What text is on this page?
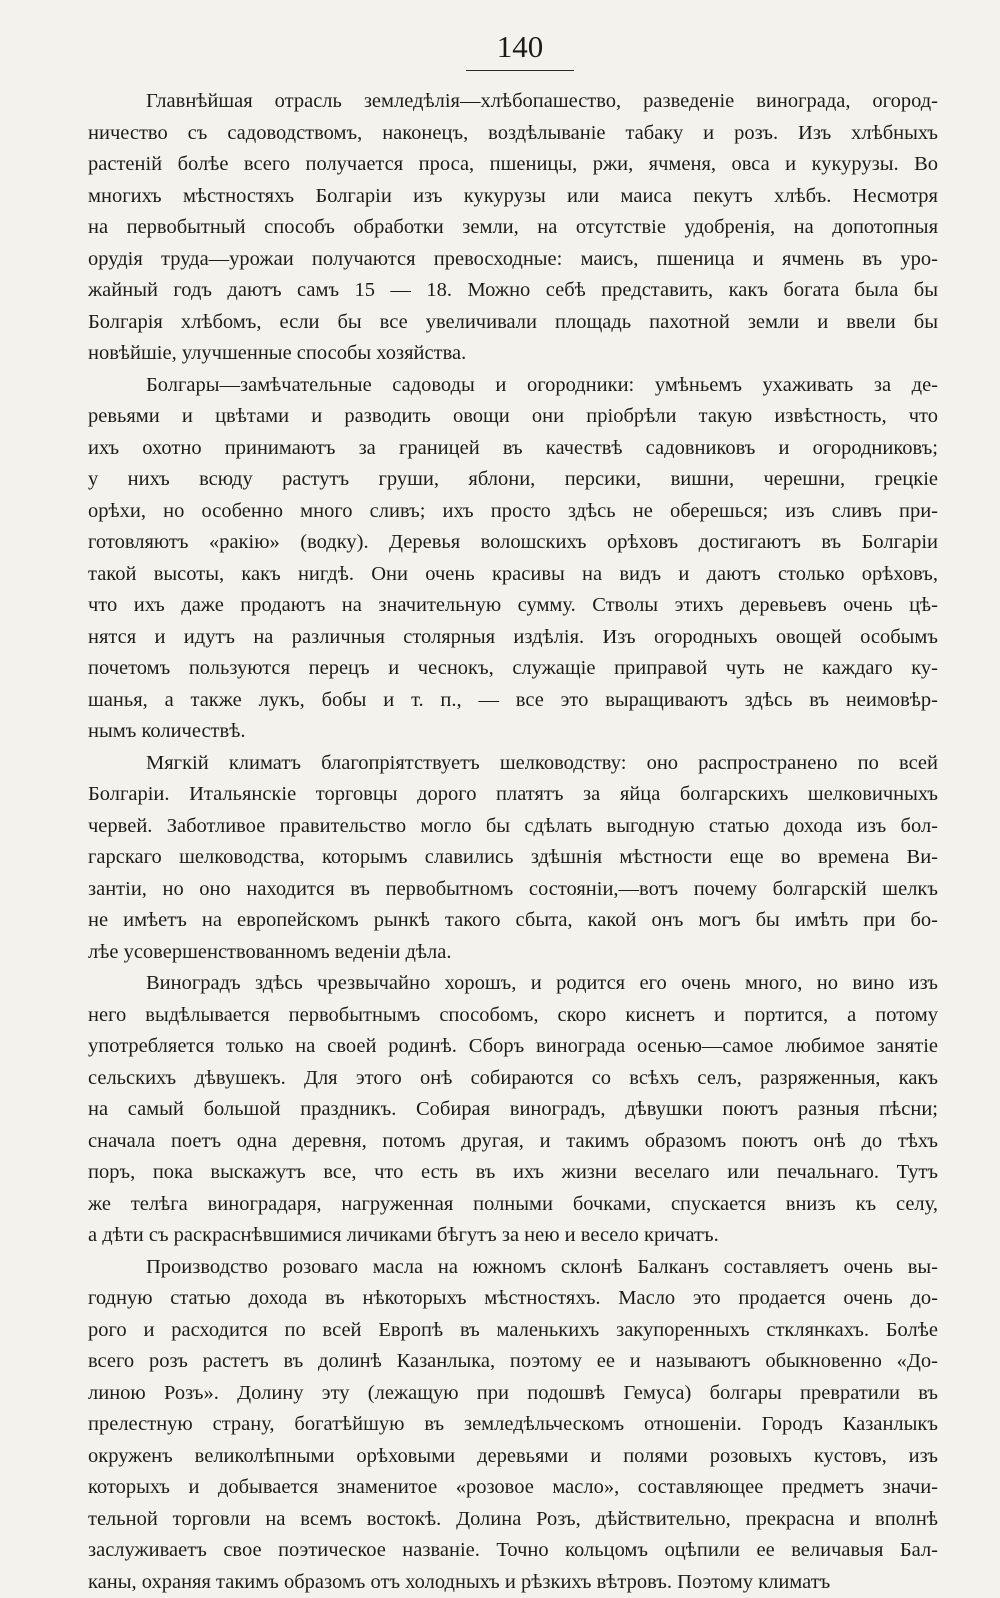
140

Главнѣйшая отрасль земледѣлія—хлѣбопашество, разведеніе винограда, огород-
ничество съ садоводствомъ, наконецъ, воздѣлываніе табаку и розъ. Изъ хлѣбныхъ
растеній болѣе всего получается проса, пшеницы, ржи, ячменя, овса и кукурузы. Во
многихъ мѣстностяхъ Болгаріи изъ кукурузы или маиса пекутъ хлѣбъ. Несмотря
на первобытный способъ обработки земли, на отсутствіе удобренія, на допотопныя
орудія труда—урожаи получаются превосходные: маисъ, пшеница и ячмень въ уро-
жайный годъ даютъ самъ 15 — 18. Можно себѣ представить, какъ богата была бы
Болгарія хлѣбомъ, если бы все увеличивали площадь пахотной земли и ввели бы
новѣйшіе, улучшенные способы хозяйства.

Болгары—замѣчательные садоводы и огородники: умѣньемъ ухаживать за де-
ревьями и цвѣтами и разводить овощи они пріобрѣли такую извѣстность, что
ихъ охотно принимаютъ за границей въ качествѣ садовниковъ и огородниковъ;
у нихъ всюду растутъ груши, яблони, персики, вишни, черешни, грецкіе
орѣхи, но особенно много сливъ; ихъ просто здѣсь не оберешься; изъ сливъ при-
готовляютъ «ракію» (водку). Деревья волошскихъ орѣховъ достигаютъ въ Болгаріи
такой высоты, какъ нигдѣ. Они очень красивы на видъ и даютъ столько орѣховъ,
что ихъ даже продаютъ на значительную сумму. Стволы этихъ деревьевъ очень цѣ-
нятся и идутъ на различныя столярныя издѣлія. Изъ огородныхъ овощей особымъ
почетомъ пользуются перецъ и чеснокъ, служащіе приправой чуть не каждаго ку-
шанья, а также лукъ, бобы и т. п., — все это выращиваютъ здѣсь въ неимовѣр-
нымъ количествѣ.

Мягкій климатъ благопріятствуетъ шелководству: оно распространено по всей
Болгаріи. Итальянскіе торговцы дорого платятъ за яйца болгарскихъ шелковичныхъ
червей. Заботливое правительство могло бы сдѣлать выгодную статью дохода изъ бол-
гарскаго шелководства, которымъ славились здѣшнія мѣстности еще во времена Ви-
зантіи, но оно находится въ первобытномъ состояніи,—вотъ почему болгарскій шелкъ
не имѣетъ на европейскомъ рынкѣ такого сбыта, какой онъ могъ бы имѣть при бо-
лѣе усовершенствованномъ веденіи дѣла.

Виноградъ здѣсь чрезвычайно хорошъ, и родится его очень много, но вино изъ
него выдѣлывается первобытнымъ способомъ, скоро киснетъ и портится, а потому
употребляется только на своей родинѣ. Сборъ винограда осенью—самое любимое занятіе
сельскихъ дѣвушекъ. Для этого онѣ собираются со всѣхъ селъ, разряженныя, какъ
на самый большой праздникъ. Собирая виноградъ, дѣвушки поютъ разныя пѣсни;
сначала поетъ одна деревня, потомъ другая, и такимъ образомъ поютъ онѣ до тѣхъ
поръ, пока выскажутъ все, что есть въ ихъ жизни веселаго или печальнаго. Тутъ
же телѣга виноградаря, нагруженная полными бочками, спускается внизъ къ селу,
а дѣти съ раскраснѣвшимися личиками бѣгутъ за нею и весело кричатъ.

Производство розоваго масла на южномъ склонѣ Балканъ составляетъ очень вы-
годную статью дохода въ нѣкоторыхъ мѣстностяхъ. Масло это продается очень до-
рого и расходится по всей Европѣ въ маленькихъ закупоренныхъ стклянкахъ. Болѣе
всего розъ растетъ въ долинѣ Казанлыка, поэтому ее и называютъ обыкновенно «До-
линою Розъ». Долину эту (лежащую при подошвѣ Гемуса) болгары превратили въ
прелестную страну, богатѣйшую въ земледѣльческомъ отношеніи. Городъ Казанлыкъ
окруженъ великолѣпными орѣховыми деревьями и полями розовыхъ кустовъ, изъ
которыхъ и добывается знаменитое «розовое масло», составляющее предметъ значи-
тельной торговли на всемъ востокѣ. Долина Розъ, дѣйствительно, прекрасна и вполнѣ
заслуживаетъ свое поэтическое названіе. Точно кольцомъ оцѣпили ее величавыя Бал-
каны, охраняя такимъ образомъ отъ холодныхъ и рѣзкихъ вѣтровъ. Поэтому климатъ
